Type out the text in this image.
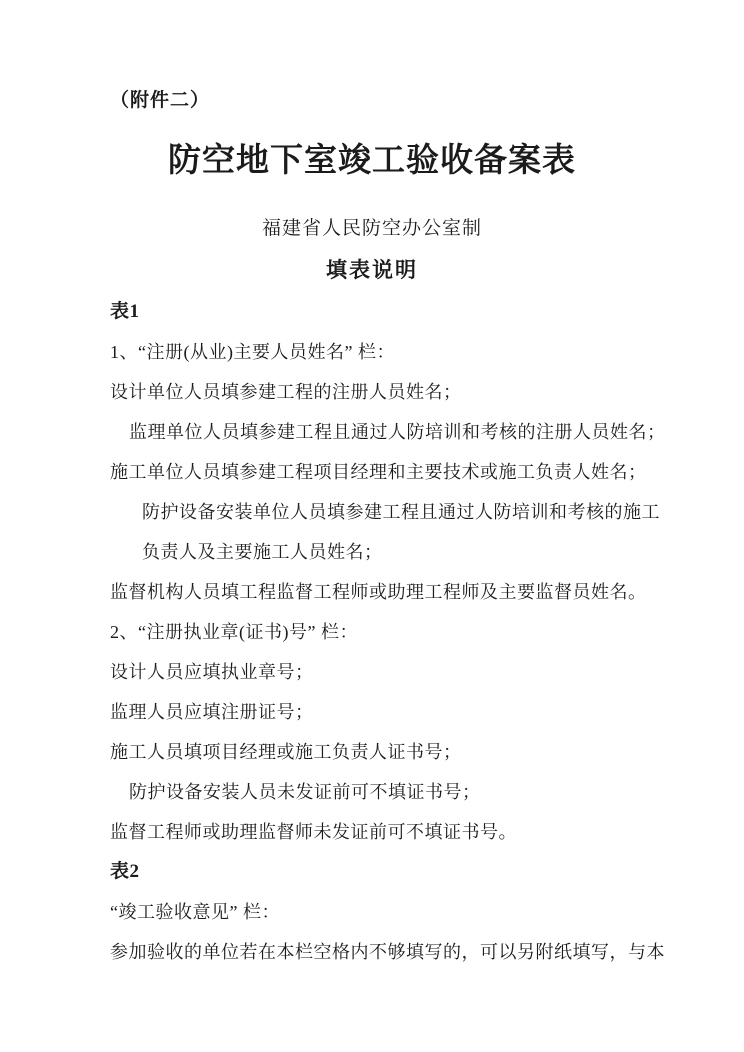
（附件二）
防空地下室竣工验收备案表
福建省人民防空办公室制
填表说明
表1
1、“注册(从业)主要人员姓名” 栏：
设计单位人员填参建工程的注册人员姓名；
监理单位人员填参建工程且通过人防培训和考核的注册人员姓名；
施工单位人员填参建工程项目经理和主要技术或施工负责人姓名；
防护设备安装单位人员填参建工程且通过人防培训和考核的施工
负责人及主要施工人员姓名；
监督机构人员填工程监督工程师或助理工程师及主要监督员姓名。
2、“注册执业章(证书)号” 栏：
设计人员应填执业章号；
监理人员应填注册证号；
施工人员填项目经理或施工负责人证书号；
防护设备安装人员未发证前可不填证书号；
监督工程师或助理监督师未发证前可不填证书号。
表2
“竣工验收意见” 栏：
参加验收的单位若在本栏空格内不够填写的，可以另附纸填写，与本
